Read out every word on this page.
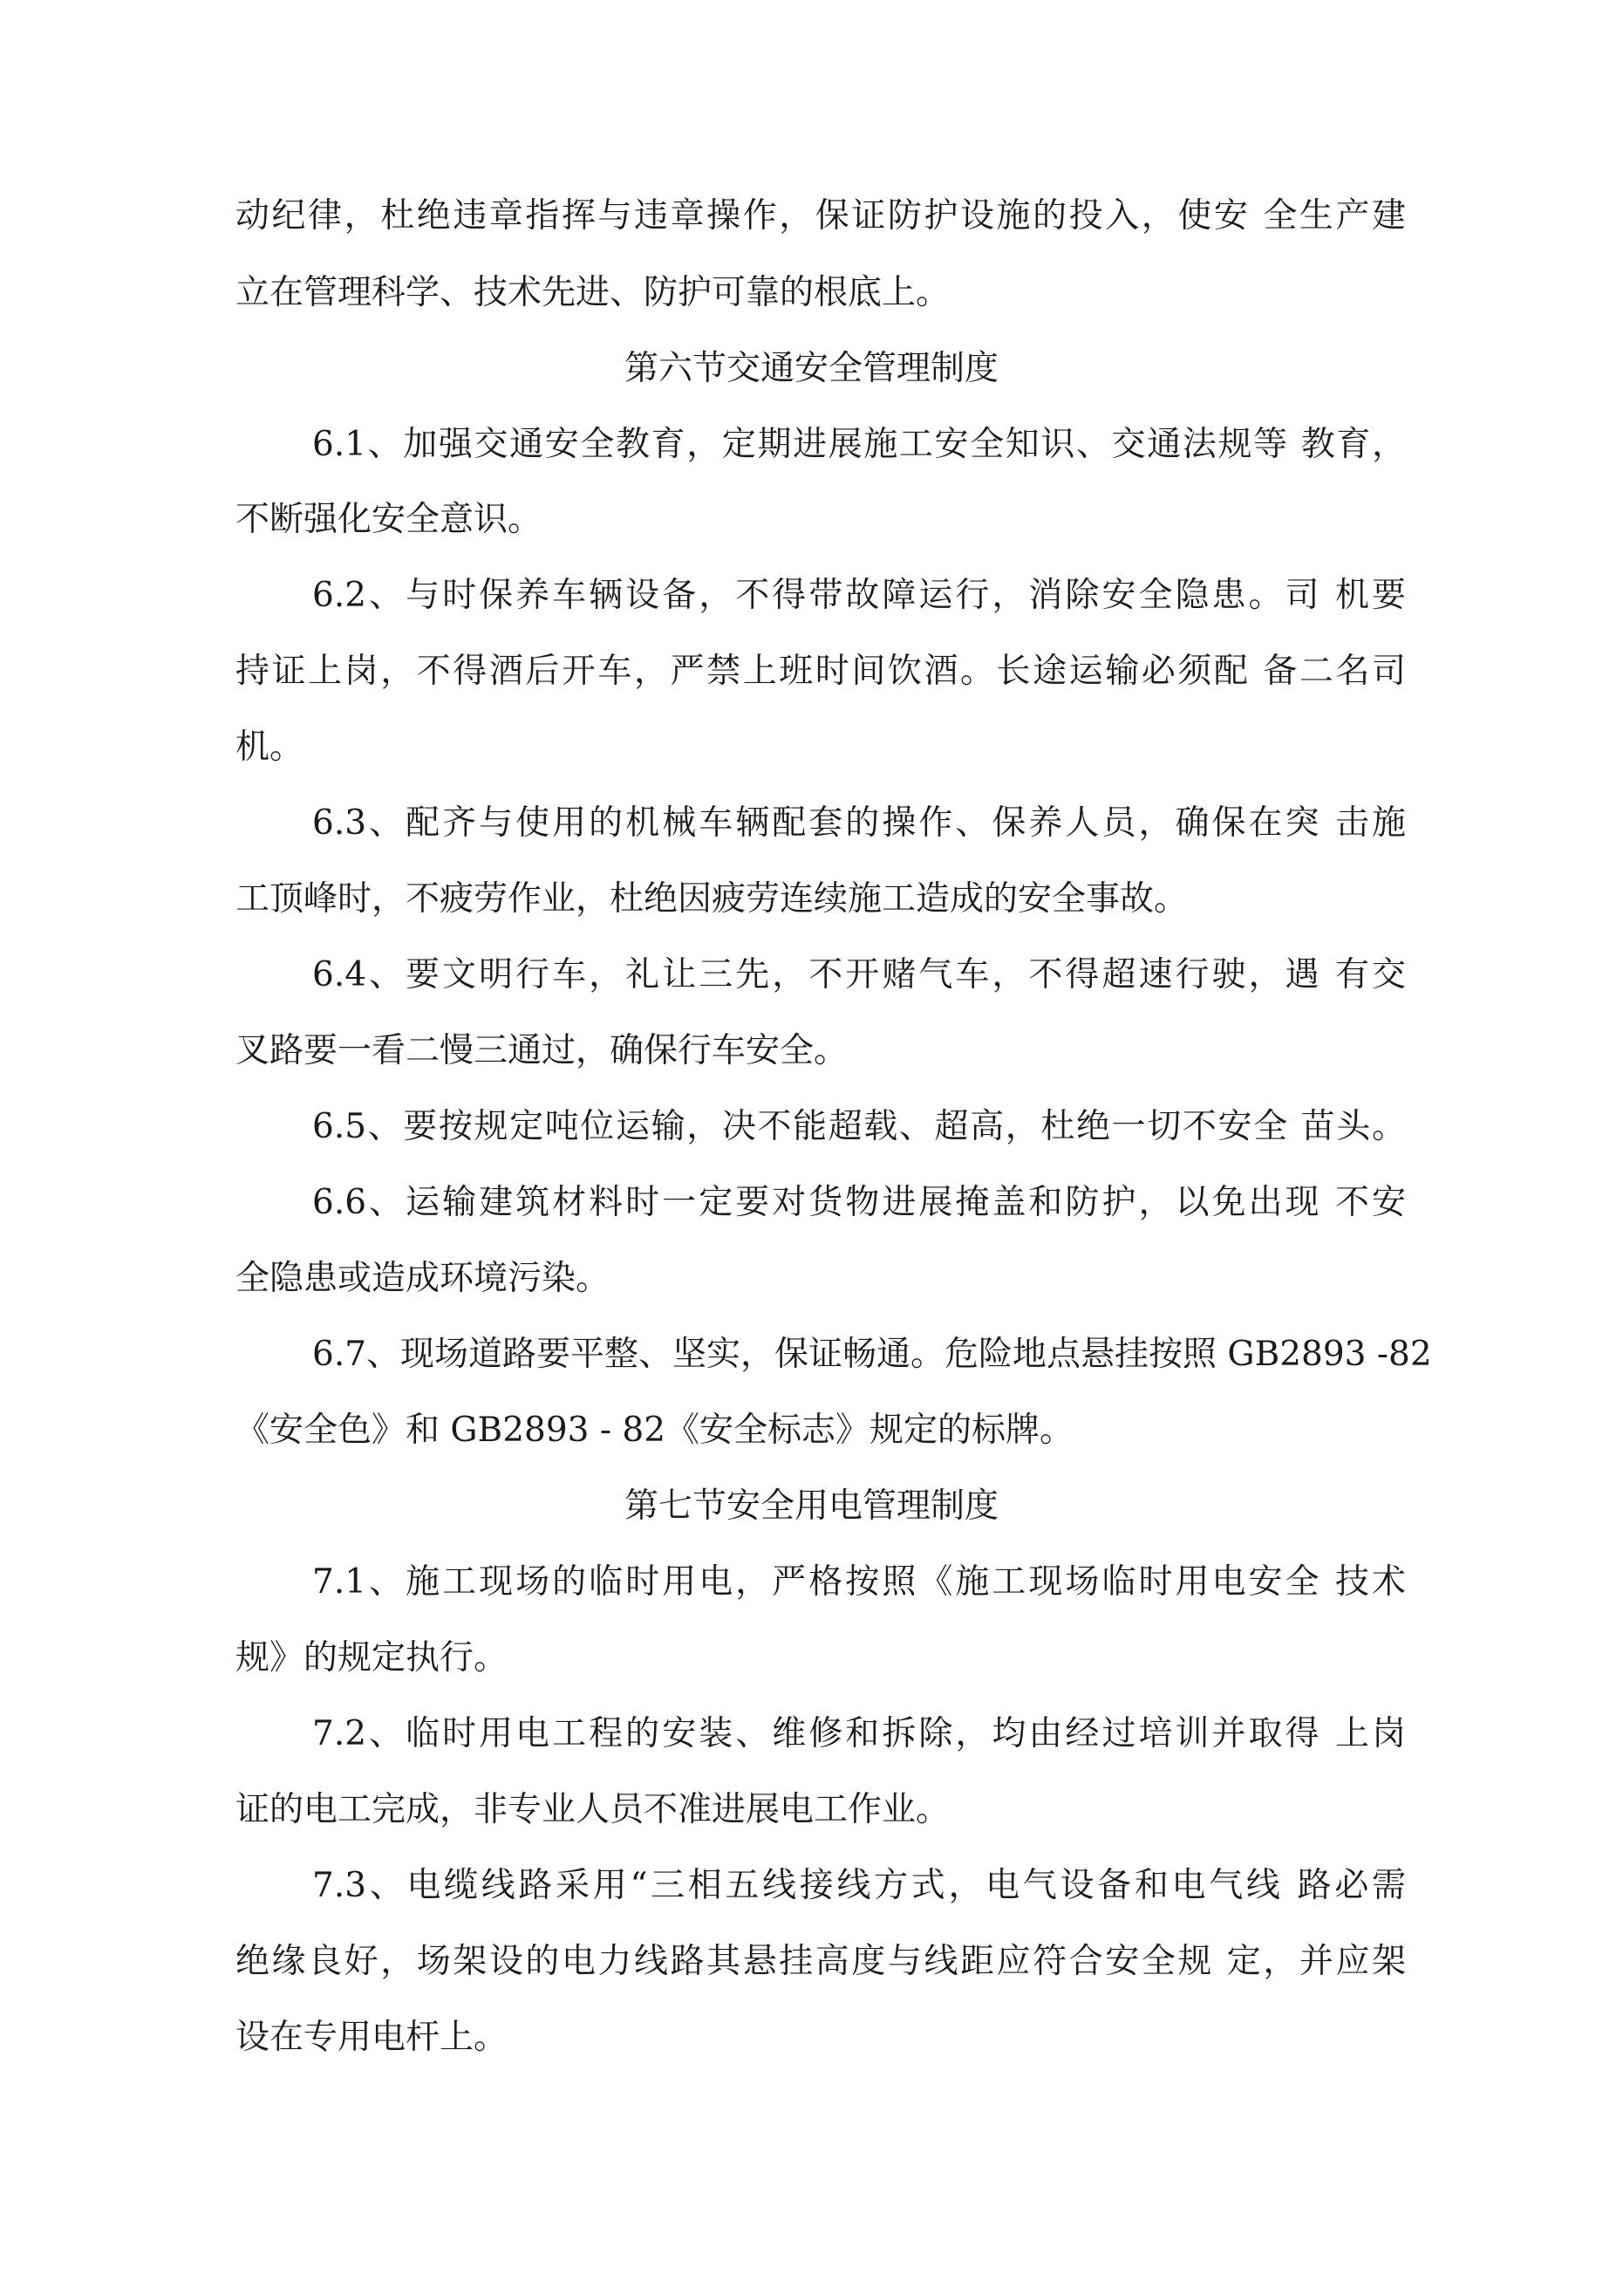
动纪律，杜绝违章指挥与违章操作，保证防护设施的投入，使安 全生产建
立在管理科学、技术先进、防护可靠的根底上。
第六节交通安全管理制度
6.1、加强交通安全教育，定期进展施工安全知识、交通法规等 教育，
不断强化安全意识。
6.2、与时保养车辆设备，不得带故障运行，消除安全隐患。司 机要
持证上岗，不得酒后开车，严禁上班时间饮酒。长途运输必须配 备二名司
机。
6.3、配齐与使用的机械车辆配套的操作、保养人员，确保在突 击施
工顶峰时，不疲劳作业，杜绝因疲劳连续施工造成的安全事故。
6.4、要文明行车，礼让三先，不开赌气车，不得超速行驶，遇 有交
叉路要一看二慢三通过，确保行车安全。
6.5、要按规定吨位运输，决不能超载、超高，杜绝一切不安全 苗头。
6.6、运输建筑材料时一定要对货物进展掩盖和防护，以免出现 不安
全隐患或造成环境污染。
6.7、现场道路要平整、坚实，保证畅通。危险地点悬挂按照 GB2893 -82
《安全色》和 GB2893 - 82《安全标志》规定的标牌。
第七节安全用电管理制度
7.1、施工现场的临时用电，严格按照《施工现场临时用电安全 技术
规》的规定执行。
7.2、临时用电工程的安装、维修和拆除，均由经过培训并取得 上岗
证的电工完成，非专业人员不准进展电工作业。
7.3、电缆线路采用“三相五线接线方式，电气设备和电气线 路必需
绝缘良好，场架设的电力线路其悬挂高度与线距应符合安全规 定，并应架
设在专用电杆上。
